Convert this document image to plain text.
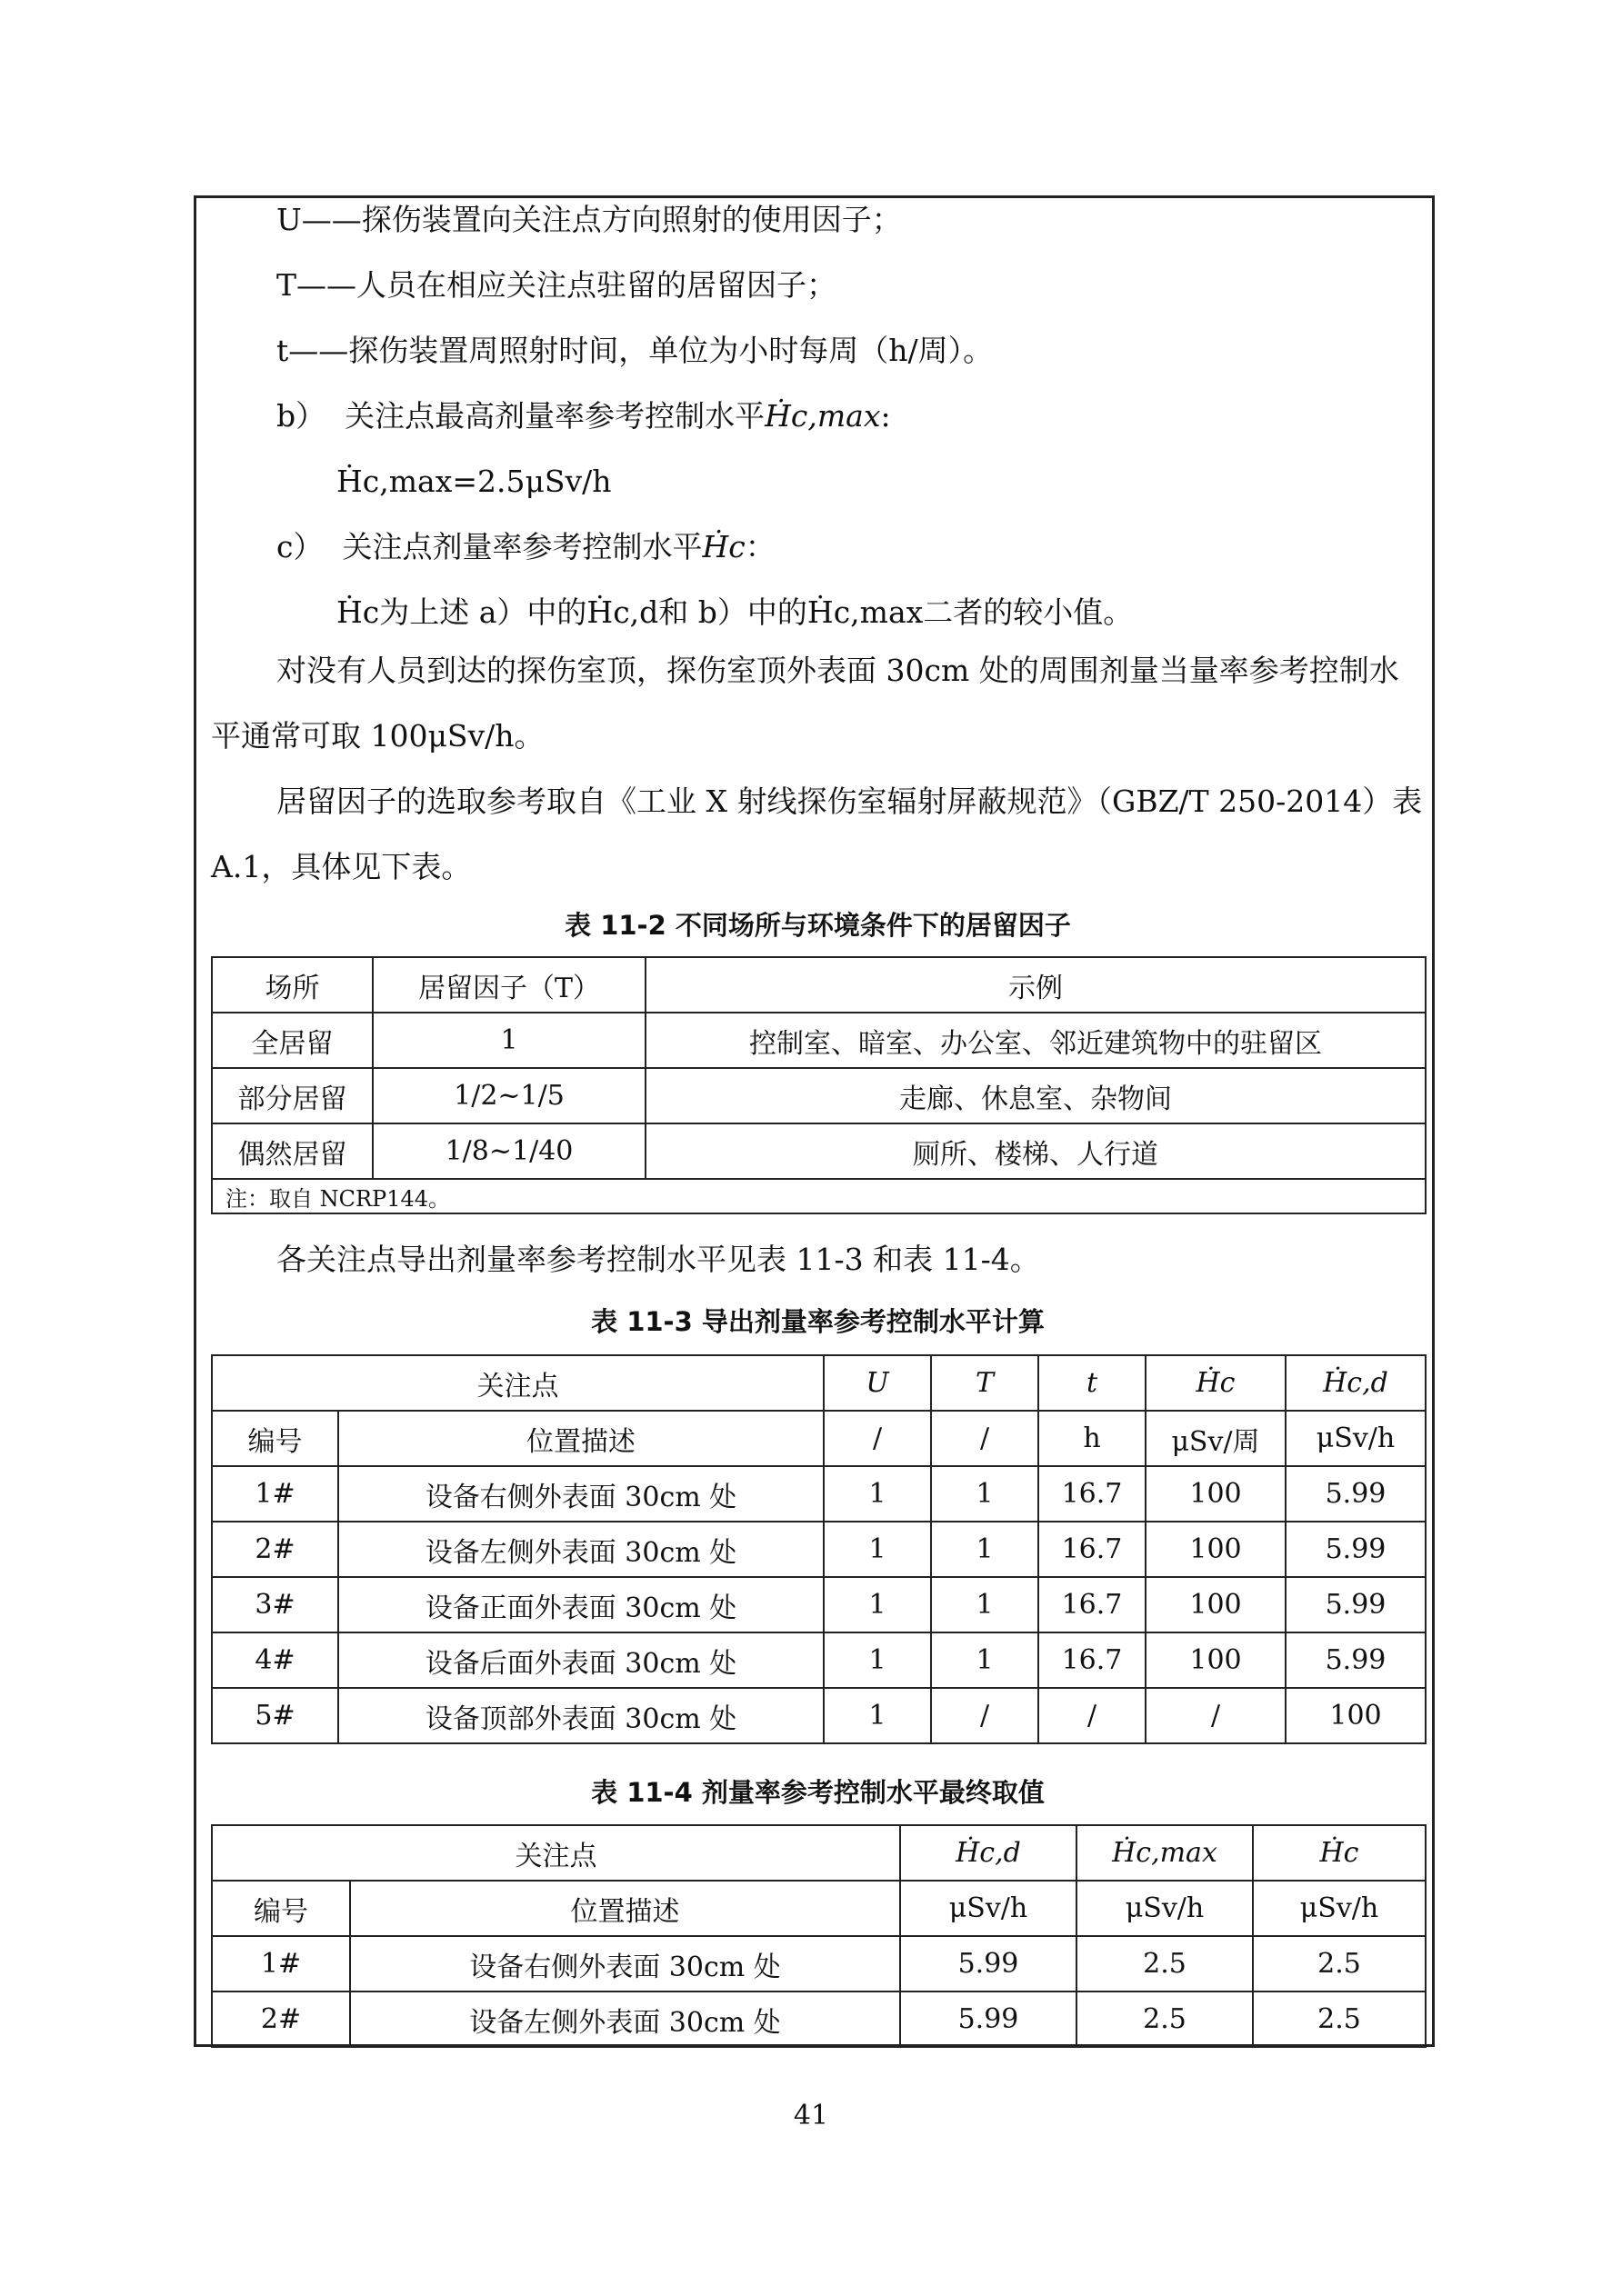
U——探伤装置向关注点方向照射的使用因子；
T——人员在相应关注点驻留的居留因子；
t——探伤装置周照射时间，单位为小时每周（h/周）。
b） 关注点最高剂量率参考控制水平Ḣc,max:
Ḣc,max=2.5μSv/h
c） 关注点剂量率参考控制水平Ḣc：
Ḣc为上述 a）中的Ḣc,d和 b）中的Ḣc,max二者的较小值。
对没有人员到达的探伤室顶，探伤室顶外表面 30cm 处的周围剂量当量率参考控制水平通常可取 100μSv/h。
居留因子的选取参考取自《工业 X 射线探伤室辐射屏蔽规范》（GBZ/T 250-2014）表 A.1，具体见下表。
表 11-2 不同场所与环境条件下的居留因子
场所	居留因子（T）	示例
全居留	1	控制室、暗室、办公室、邻近建筑物中的驻留区
部分居留	1/2~1/5	走廊、休息室、杂物间
偶然居留	1/8~1/40	厕所、楼梯、人行道
注：取自 NCRP144。		
各关注点导出剂量率参考控制水平见表 11-3 和表 11-4。
表 11-3 导出剂量率参考控制水平计算
关注点		U	T	t	Ḣc	Ḣc,d
编号	位置描述	/	/	h	μSv/周	μSv/h
1#	设备右侧外表面 30cm 处	1	1	16.7	100	5.99
2#	设备左侧外表面 30cm 处	1	1	16.7	100	5.99
3#	设备正面外表面 30cm 处	1	1	16.7	100	5.99
4#	设备后面外表面 30cm 处	1	1	16.7	100	5.99
5#	设备顶部外表面 30cm 处	1	/	/	/	100
表 11-4 剂量率参考控制水平最终取值
关注点		Ḣc,d	Ḣc,max	Ḣc
编号	位置描述	μSv/h	μSv/h	μSv/h
1#	设备右侧外表面 30cm 处	5.99	2.5	2.5
2#	设备左侧外表面 30cm 处	5.99	2.5	2.5
41
